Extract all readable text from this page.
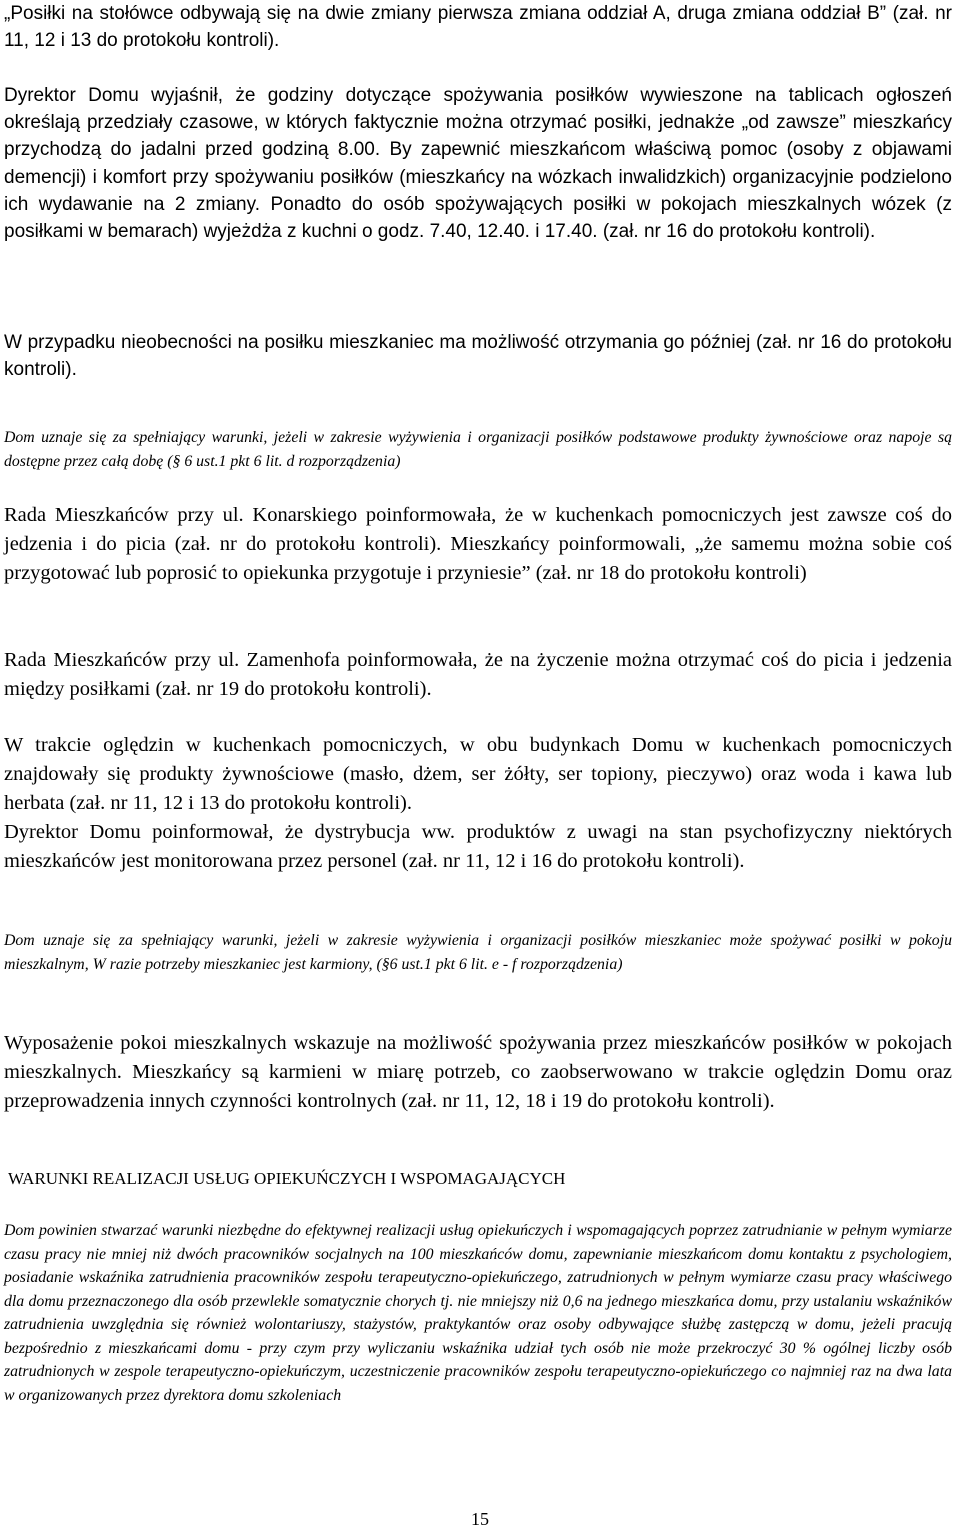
„Posiłki na stołówce odbywają się na dwie zmiany pierwsza zmiana oddział A, druga zmiana oddział B” (zał. nr 11, 12 i 13 do protokołu kontroli).

Dyrektor Domu wyjaśnił, że godziny dotyczące spożywania posiłków wywieszone na tablicach ogłoszeń określają przedziały czasowe, w których faktycznie można otrzymać posiłki, jednakże „od zawsze” mieszkańcy przychodzą do jadalni przed godziną 8.00. By zapewnić mieszkańcom właściwą pomoc (osoby z objawami demencji) i komfort przy spożywaniu posiłków (mieszkańcy na wózkach inwalidzkich) organizacyjnie podzielono ich wydawanie na 2 zmiany. Ponadto do osób spożywających posiłki w pokojach mieszkalnych wózek (z posiłkami w bemarach) wyjeżdża z kuchni o godz. 7.40, 12.40. i 17.40. (zał. nr 16 do protokołu kontroli).

W przypadku nieobecności na posiłku mieszkaniec ma możliwość otrzymania go później (zał. nr 16 do protokołu kontroli).

Dom uznaje się za spełniający warunki, jeżeli w zakresie wyżywienia i organizacji posiłków podstawowe produkty żywnościowe oraz napoje są dostępne przez całą dobę (§ 6 ust.1 pkt 6 lit. d rozporządzenia)

Rada Mieszkańców przy ul. Konarskiego poinformowała, że w kuchenkach pomocniczych jest zawsze coś do jedzenia i do picia (zał. nr do protokołu kontroli). Mieszkańcy poinformowali, „że samemu można sobie coś przygotować lub poprosić to opiekunka przygotuje i przyniesie” (zał. nr 18 do protokołu kontroli)

Rada Mieszkańców przy ul. Zamenhofa poinformowała, że na życzenie można otrzymać coś do picia i jedzenia między posiłkami (zał. nr 19 do protokołu kontroli).

W trakcie oględzin w kuchenkach pomocniczych, w obu budynkach Domu w kuchenkach pomocniczych znajdowały się produkty żywnościowe (masło, dżem, ser żółty, ser topiony, pieczywo) oraz woda i kawa lub herbata (zał. nr 11, 12 i 13 do protokołu kontroli).

Dyrektor Domu poinformował, że dystrybucja ww. produktów z uwagi na stan psychofizyczny niektórych mieszkańców jest monitorowana przez personel (zał. nr 11, 12 i 16 do protokołu kontroli).

Dom uznaje się za spełniający warunki, jeżeli w zakresie wyżywienia i organizacji posiłków mieszkaniec może spożywać posiłki w pokoju mieszkalnym, W razie potrzeby mieszkaniec jest karmiony, (§6 ust.1 pkt 6 lit. e - f rozporządzenia)

Wyposażenie pokoi mieszkalnych wskazuje na możliwość spożywania przez mieszkańców posiłków w pokojach mieszkalnych. Mieszkańcy są karmieni w miarę potrzeb, co zaobserwowano w trakcie oględzin Domu oraz przeprowadzenia innych czynności kontrolnych (zał. nr 11, 12, 18 i 19 do protokołu kontroli).

WARUNKI REALIZACJI USŁUG OPIEKUŃCZYCH I WSPOMAGAJĄCYCH

Dom powinien stwarzać warunki niezbędne do efektywnej realizacji usług opiekuńczych i wspomagających poprzez zatrudnianie w pełnym wymiarze czasu pracy nie mniej niż dwóch pracowników socjalnych na 100 mieszkańców domu, zapewnianie mieszkańcom domu kontaktu z psychologiem, posiadanie wskaźnika zatrudnienia pracowników zespołu terapeutyczno-opiekuńczego, zatrudnionych w pełnym wymiarze czasu pracy właściwego dla domu przeznaczonego dla osób przewlekle somatycznie chorych tj. nie mniejszy niż 0,6 na jednego mieszkańca domu, przy ustalaniu wskaźników zatrudnienia uwzględnia się również wolontariuszy, stażystów, praktykantów oraz osoby odbywające służbę zastępczą w domu, jeżeli pracują bezpośrednio z mieszkańcami domu - przy czym przy wyliczaniu wskaźnika udział tych osób nie może przekroczyć 30 % ogólnej liczby osób zatrudnionych w zespole terapeutyczno-opiekuńczym, uczestniczenie pracowników zespołu terapeutyczno-opiekuńczego co najmniej raz na dwa lata w organizowanych przez dyrektora domu szkoleniach

15
